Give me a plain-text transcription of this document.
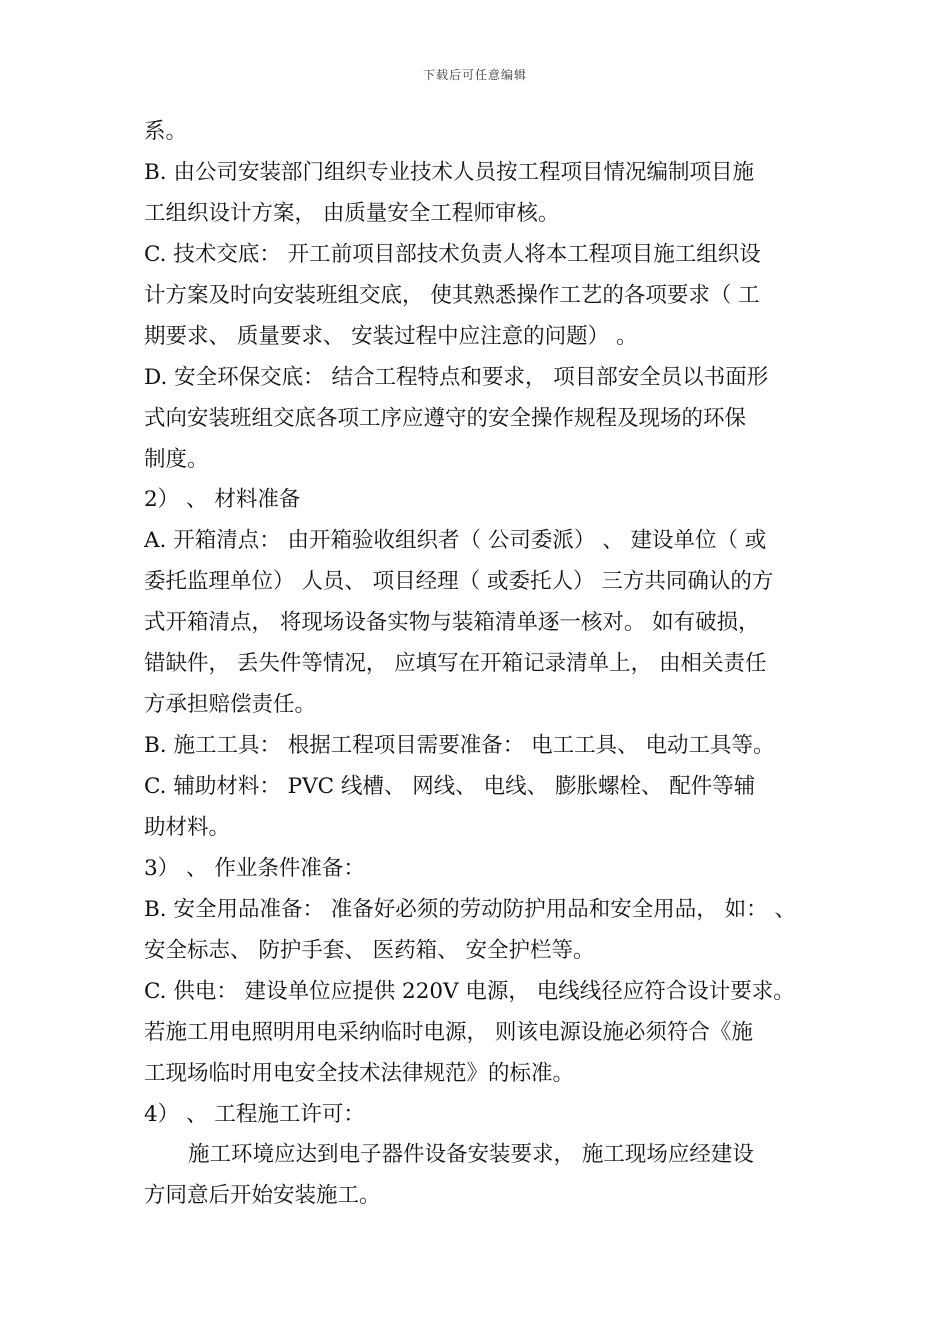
下载后可任意编辑
系。
B. 由公司安装部门组织专业技术人员按工程项目情况编制项目施
工组织设计方案， 由质量安全工程师审核。
C. 技术交底： 开工前项目部技术负责人将本工程项目施工组织设
计方案及时向安装班组交底， 使其熟悉操作工艺的各项要求（ 工
期要求、 质量要求、 安装过程中应注意的问题） 。
D. 安全环保交底： 结合工程特点和要求， 项目部安全员以书面形
式向安装班组交底各项工序应遵守的安全操作规程及现场的环保
制度。
2） 、 材料准备
A. 开箱清点： 由开箱验收组织者（ 公司委派） 、 建设单位（ 或
委托监理单位） 人员、 项目经理（ 或委托人） 三方共同确认的方
式开箱清点， 将现场设备实物与装箱清单逐一核对。 如有破损，
错缺件， 丢失件等情况， 应填写在开箱记录清单上， 由相关责任
方承担赔偿责任。
B. 施工工具： 根据工程项目需要准备： 电工工具、 电动工具等。
C. 辅助材料： PVC 线槽、 网线、 电线、 膨胀螺栓、 配件等辅
助材料。
3） 、 作业条件准备：
B. 安全用品准备： 准备好必须的劳动防护用品和安全用品， 如： 、
安全标志、 防护手套、 医药箱、 安全护栏等。
C. 供电： 建设单位应提供 220V 电源， 电线线径应符合设计要求。
若施工用电照明用电采纳临时电源， 则该电源设施必须符合《施
工现场临时用电安全技术法律规范》的标准。
4） 、 工程施工许可：
施工环境应达到电子器件设备安装要求， 施工现场应经建设
方同意后开始安装施工。
